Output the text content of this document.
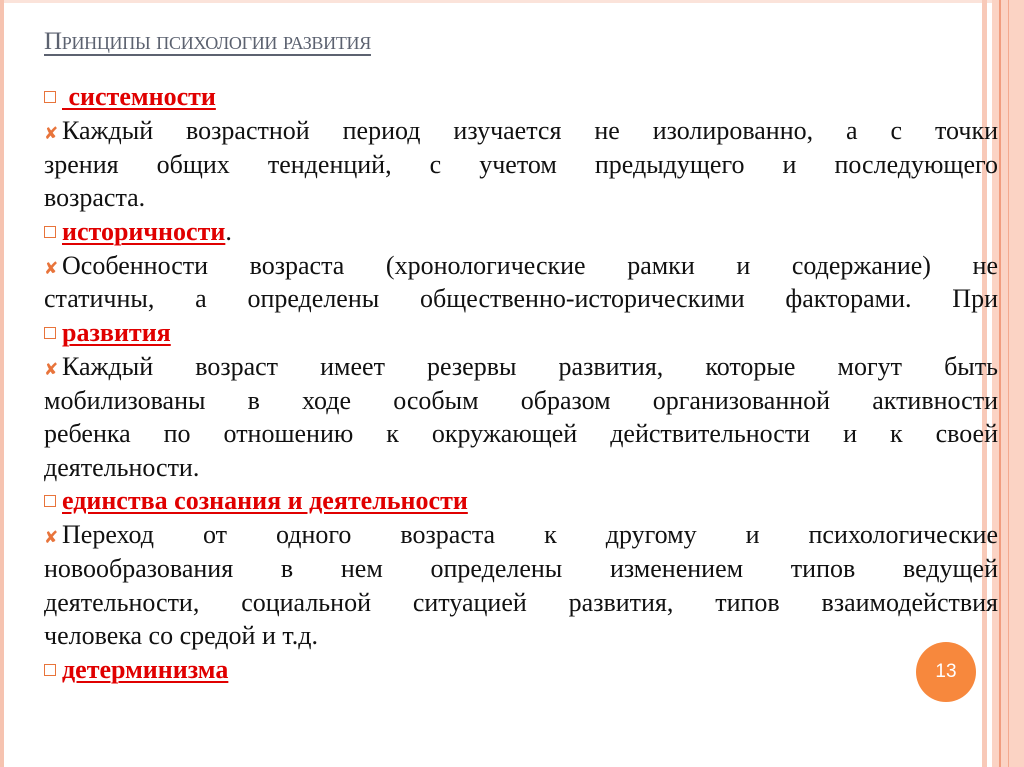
Принципы психологии развития
системности
✘ Каждый возрастной период изучается не изолированно, а с точки
зрения общих тенденций, с учетом предыдущего и последующего
возраста.
историчности.
✘ Особенности возраста (хронологические рамки и содержание) не
статичны, а определены общественно-историческими факторами. При
развития
✘ Каждый возраст имеет резервы развития, которые могут быть
мобилизованы в ходе особым образом организованной активности
ребенка по отношению к окружающей действительности и к своей
деятельности.
единства сознания и деятельности
✘ Переход от одного возраста к другому и психологические
новообразования в нем определены изменением типов ведущей
деятельности, социальной ситуацией развития, типов взаимодействия
человека со средой и т.д.
детерминизма	13
